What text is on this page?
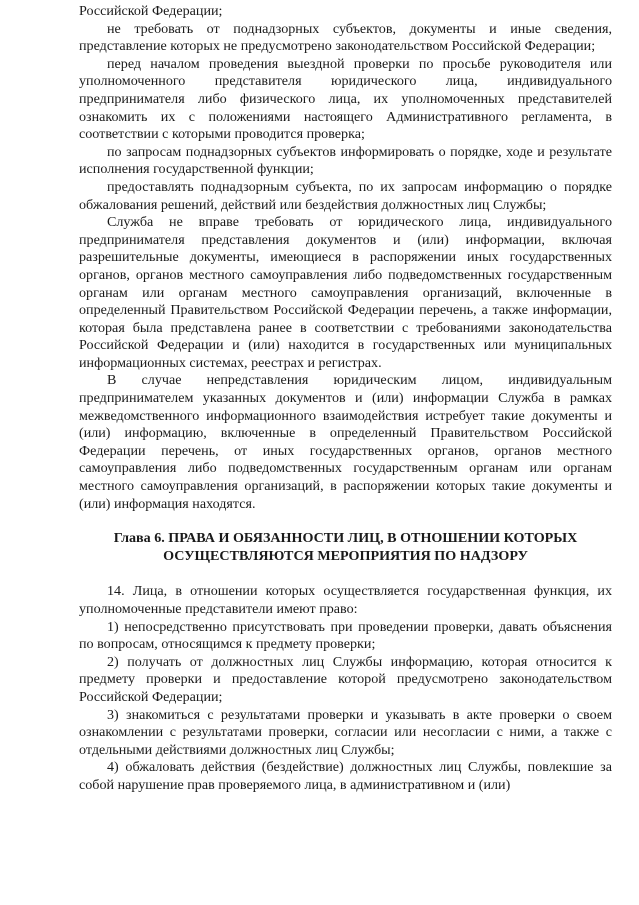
Российской Федерации;

не требовать от поднадзорных субъектов, документы и иные сведения, представление которых не предусмотрено законодательством Российской Федерации;

перед началом проведения выездной проверки по просьбе руководителя или уполномоченного представителя юридического лица, индивидуального предпринимателя либо физического лица, их уполномоченных представителей ознакомить их с положениями настоящего Административного регламента, в соответствии с которыми проводится проверка;

по запросам поднадзорных субъектов информировать о порядке, ходе и результате исполнения государственной функции;

предоставлять поднадзорным субъекта, по их запросам информацию о порядке обжалования решений, действий или бездействия должностных лиц Службы;

Служба не вправе требовать от юридического лица, индивидуального предпринимателя представления документов и (или) информации, включая разрешительные документы, имеющиеся в распоряжении иных государственных органов, органов местного самоуправления либо подведомственных государственным органам или органам местного самоуправления организаций, включенные в определенный Правительством Российской Федерации перечень, а также информации, которая была представлена ранее в соответствии с требованиями законодательства Российской Федерации и (или) находится в государственных или муниципальных информационных системах, реестрах и регистрах.

В случае непредставления юридическим лицом, индивидуальным предпринимателем указанных документов и (или) информации Служба в рамках межведомственного информационного взаимодействия истребует такие документы и (или) информацию, включенные в определенный Правительством Российской Федерации перечень, от иных государственных органов, органов местного самоуправления либо подведомственных государственным органам или органам местного самоуправления организаций, в распоряжении которых такие документы и (или) информация находятся.

Глава 6. ПРАВА И ОБЯЗАННОСТИ ЛИЦ, В ОТНОШЕНИИ КОТОРЫХ
ОСУЩЕСТВЛЯЮТСЯ МЕРОПРИЯТИЯ ПО НАДЗОРУ

14. Лица, в отношении которых осуществляется государственная функция, их уполномоченные представители имеют право:

1) непосредственно присутствовать при проведении проверки, давать объяснения по вопросам, относящимся к предмету проверки;

2) получать от должностных лиц Службы информацию, которая относится к предмету проверки и предоставление которой предусмотрено законодательством Российской Федерации;

3) знакомиться с результатами проверки и указывать в акте проверки о своем ознакомлении с результатами проверки, согласии или несогласии с ними, а также с отдельными действиями должностных лиц Службы;

4) обжаловать действия (бездействие) должностных лиц Службы, повлекшие за собой нарушение прав проверяемого лица, в административном и (или)
